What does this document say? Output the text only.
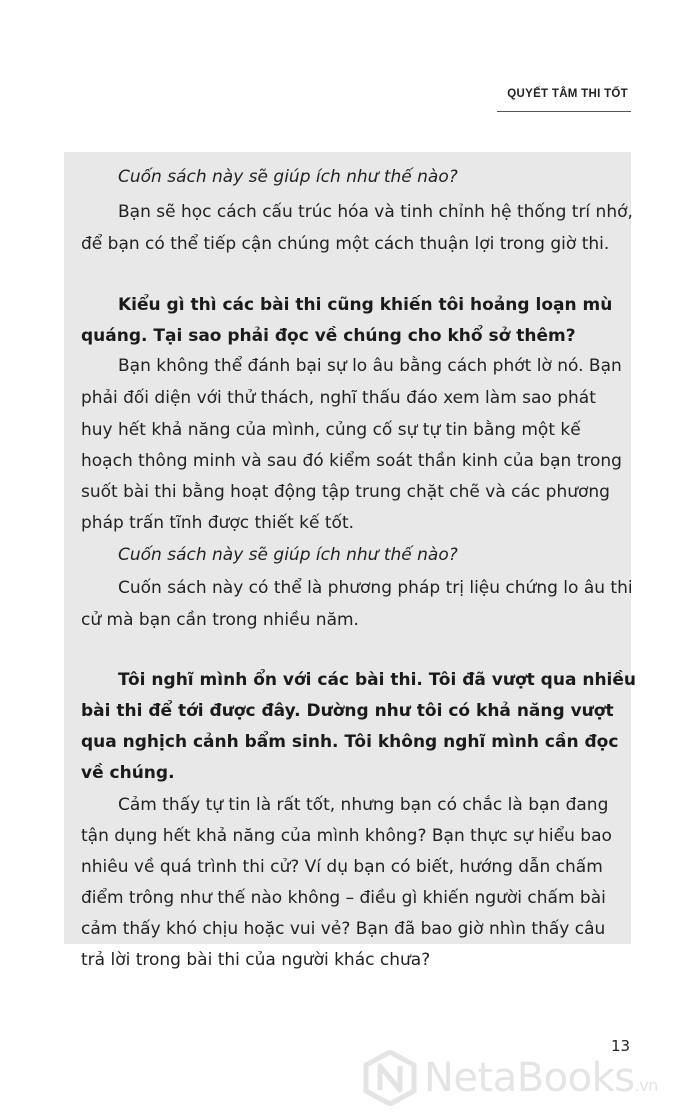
QUYẾT TÂM THI TỐT
Cuốn sách này sẽ giúp ích như thế nào?
Bạn sẽ học cách cấu trúc hóa và tinh chỉnh hệ thống trí nhớ,
để bạn có thể tiếp cận chúng một cách thuận lợi trong giờ thi.
Kiểu gì thì các bài thi cũng khiến tôi hoảng loạn mù
quáng. Tại sao phải đọc về chúng cho khổ sở thêm?
Bạn không thể đánh bại sự lo âu bằng cách phớt lờ nó. Bạn
phải đối diện với thử thách, nghĩ thấu đáo xem làm sao phát
huy hết khả năng của mình, củng cố sự tự tin bằng một kế
hoạch thông minh và sau đó kiểm soát thần kinh của bạn trong
suốt bài thi bằng hoạt động tập trung chặt chẽ và các phương
pháp trấn tĩnh được thiết kế tốt.
Cuốn sách này sẽ giúp ích như thế nào?
Cuốn sách này có thể là phương pháp trị liệu chứng lo âu thi
cử mà bạn cần trong nhiều năm.
Tôi nghĩ mình ổn với các bài thi. Tôi đã vượt qua nhiều
bài thi để tới được đây. Dường như tôi có khả năng vượt
qua nghịch cảnh bẩm sinh. Tôi không nghĩ mình cần đọc
về chúng.
Cảm thấy tự tin là rất tốt, nhưng bạn có chắc là bạn đang
tận dụng hết khả năng của mình không? Bạn thực sự hiểu bao
nhiêu về quá trình thi cử? Ví dụ bạn có biết, hướng dẫn chấm
điểm trông như thế nào không – điều gì khiến người chấm bài
cảm thấy khó chịu hoặc vui vẻ? Bạn đã bao giờ nhìn thấy câu
trả lời trong bài thi của người khác chưa?
13
NetaBooks.vn
